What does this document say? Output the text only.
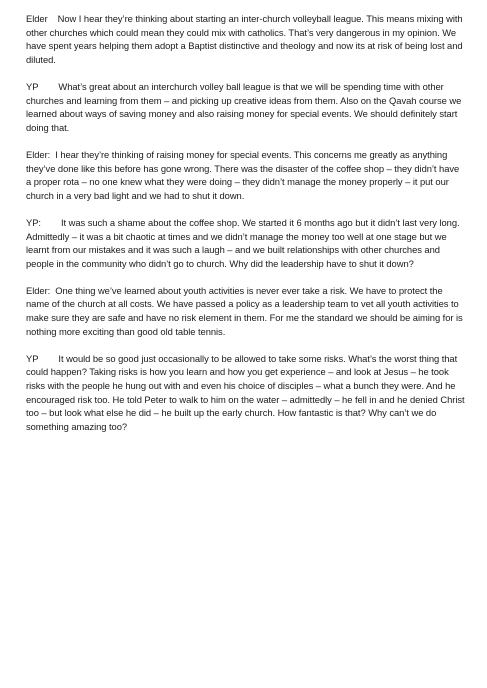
Elder Now I hear they’re thinking about starting an inter-church volleyball league. This means mixing with other churches which could mean they could mix with catholics. That’s very dangerous in my opinion. We have spent years helping them adopt a Baptist distinctive and theology and now its at risk of being lost and diluted.

YP What’s great about an interchurch volley ball league is that we will be spending time with other churches and learning from them – and picking up creative ideas from them. Also on the Qavah course we learned about ways of saving money and also raising money for special events. We should definitely start doing that.

Elder: I hear they’re thinking of raising money for special events. This concerns me greatly as anything they’ve done like this before has gone wrong. There was the disaster of the coffee shop – they didn’t have a proper rota – no one knew what they were doing – they didn’t manage the money properly – it put our church in a very bad light and we had to shut it down.

YP: It was such a shame about the coffee shop. We started it 6 months ago but it didn’t last very long. Admittedly – it was a bit chaotic at times and we didn’t manage the money too well at one stage but we learnt from our mistakes and it was such a laugh – and we built relationships with other churches and people in the community who didn’t go to church. Why did the leadership have to shut it down?

Elder: One thing we’ve learned about youth activities is never ever take a risk. We have to protect the name of the church at all costs. We have passed a policy as a leadership team to vet all youth activities to make sure they are safe and have no risk element in them. For me the standard we should be aiming for is nothing more exciting than good old table tennis.

YP It would be so good just occasionally to be allowed to take some risks. What’s the worst thing that could happen? Taking risks is how you learn and how you get experience – and look at Jesus – he took risks with the people he hung out with and even his choice of disciples – what a bunch they were. And he encouraged risk too. He told Peter to walk to him on the water – admittedly – he fell in and he denied Christ too – but look what else he did – he built up the early church. How fantastic is that? Why can’t we do something amazing too?
